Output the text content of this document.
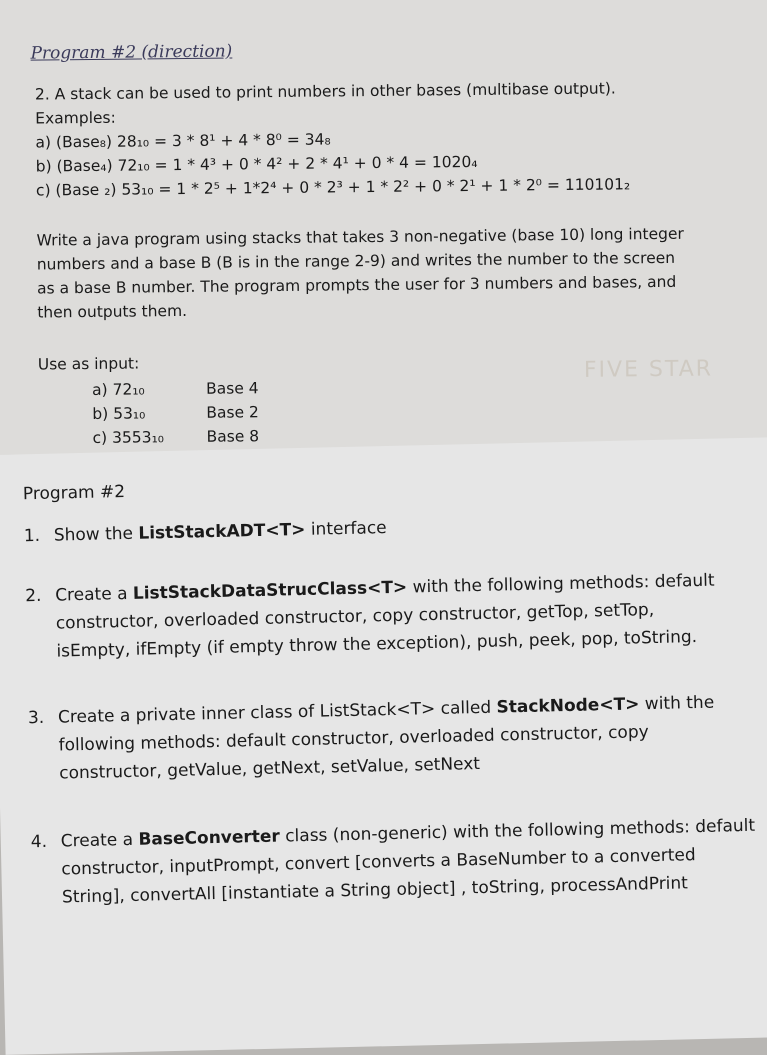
Program #2 (direction)
2. A stack can be used to print numbers in other bases (multibase output).
Examples:
a) (Base₈) 28₁₀ = 3 * 8¹ + 4 * 8⁰ = 34₈
b) (Base₄) 72₁₀ = 1 * 4³ + 0 * 4² + 2 * 4¹ + 0 * 4 = 1020₄
c) (Base ₂) 53₁₀ = 1 * 2⁵ + 1*2⁴ + 0 * 2³ + 1 * 2² + 0 * 2¹ + 1 * 2⁰ = 110101₂
Write a java program using stacks that takes 3 non-negative (base 10) long integer
numbers and a base B (B is in the range 2-9) and writes the number to the screen
as a base B number. The program prompts the user for 3 numbers and bases, and
then outputs them.
Use as input:
a) 72₁₀	Base 4
b) 53₁₀	Base 2
c) 3553₁₀	Base 8
FIVE STAR
Program #2
1. Show the ListStackADT<T> interface
2. Create a ListStackDataStrucClass<T> with the following methods: default
constructor, overloaded constructor, copy constructor, getTop, setTop,
isEmpty, ifEmpty (if empty throw the exception), push, peek, pop, toString.
3. Create a private inner class of ListStack<T> called StackNode<T> with the
following methods: default constructor, overloaded constructor, copy
constructor, getValue, getNext, setValue, setNext
4. Create a BaseConverter class (non-generic) with the following methods: default
constructor, inputPrompt, convert [converts a BaseNumber to a converted
String], convertAll [instantiate a String object] , toString, processAndPrint
